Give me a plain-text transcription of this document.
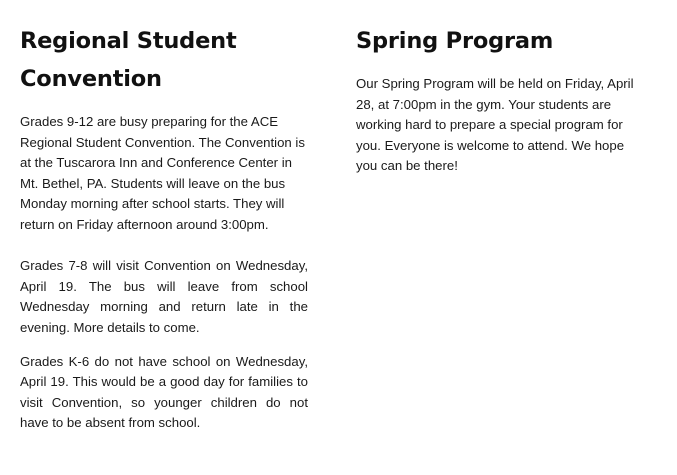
Regional Student Convention

Grades 9-12 are busy preparing for the ACE Regional Student Convention. The Convention is at the Tuscarora Inn and Conference Center in Mt. Bethel, PA. Students will leave on the bus Monday morning after school starts. They will return on Friday afternoon around 3:00pm.

Grades 7-8 will visit Convention on Wednesday, April 19. The bus will leave from school Wednesday morning and return late in the evening. More details to come.

Grades K-6 do not have school on Wednesday, April 19. This would be a good day for families to visit Convention, so younger children do not have to be absent from school.

Spring Program

Our Spring Program will be held on Friday, April 28, at 7:00pm in the gym. Your students are working hard to prepare a special program for you. Everyone is welcome to attend. We hope you can be there!
